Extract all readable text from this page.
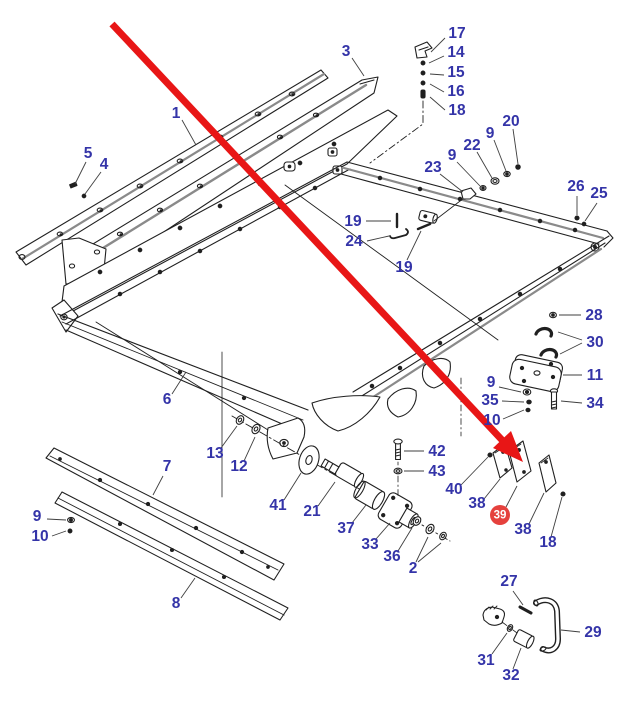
17
14
15
16
18
3
1
5
4
20
9
22
9
23
26 25
19
24
19
28
30
11
9
35	34
10
6
13
12
42
43
41 21
37
33
36
2
40
38
39
38
18
7
9
10
8
27
29
31
32
